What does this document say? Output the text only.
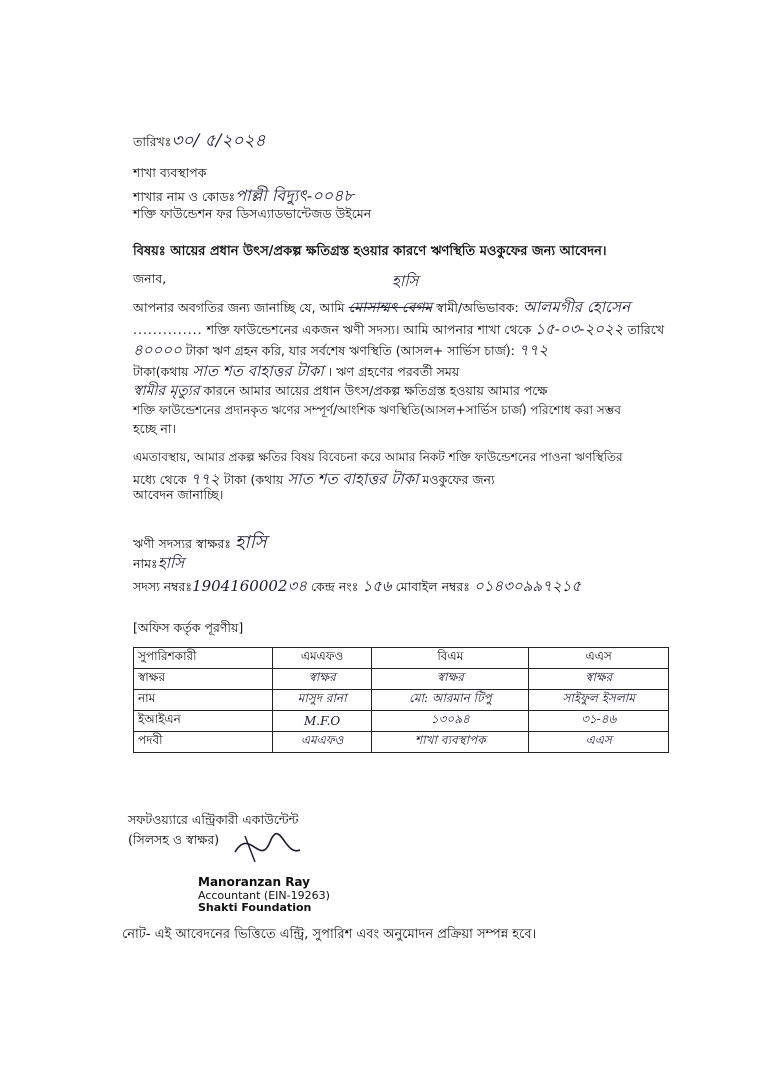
তারিখঃ৩০/ ৫/২০২৪
শাখা ব্যবস্থাপক
শাখার নাম ও কোডঃপাল্লী বিদ্যুৎ-০০৪৮
শক্তি ফাউন্ডেশন ফর ডিসএ্যাডভান্টেজড উইমেন
বিষয়ঃ আয়ের প্রধান উৎস/প্রকল্প ক্ষতিগ্রস্ত হওয়ার কারণে ঋণস্থিতি মওকুফের জন্য আবেদন।
জনাব,	হাসি
আপনার অবগতির জন্য জানাচ্ছি যে, আমি মোসাম্মৎ বেগম স্বামী/অভিভাবক: আলমগীর হোসেন
.............. শক্তি ফাউন্ডেশনের একজন ঋণী সদস্য। আমি আপনার শাখা থেকে ১৫-০৩-২০২২ তারিখে
৪০০০০ টাকা ঋণ গ্রহন করি, যার সর্বশেষ ঋণস্থিতি (আসল+ সার্ভিস চার্জ): ৭৭২
টাকা(কথায় সাত শত বাহাত্তর টাকা । ঋণ গ্রহণের পরবর্তী সময়
স্বামীর মৃত্যুর কারনে আমার আয়ের প্রধান উৎস/প্রকল্প ক্ষতিগ্রস্ত হওয়ায় আমার পক্ষে
শক্তি ফাউন্ডেশনের প্রদানকৃত ঋণের সম্পূর্ণ/আংশিক ঋণস্থিতি(আসল+সার্ভিস চার্জ) পরিশোধ করা সম্ভব
হচ্ছে না।
এমতাবস্থায়, আমার প্রকল্প ক্ষতির বিষয় বিবেচনা করে আমার নিকট শক্তি ফাউন্ডেশনের পাওনা ঋণস্থিতির
মধ্যে থেকে ৭৭২ টাকা (কথায় সাত শত বাহাত্তর টাকা মওকুফের জন্য
আবেদন জানাচ্ছি।
ঋণী সদস্যর স্বাক্ষরঃ হাসি
নামঃহাসি
সদস্য নম্বরঃ1904160002৩৪ কেন্দ্র নংঃ ১৫৬ মোবাইল নম্বরঃ ০১৪৩০৯৯৭২১৫
[অফিস কর্তৃক পূরণীয়]
সুপারিশকারী	এমএফও	বিএম	এএস
স্বাক্ষর	স্বাক্ষর	স্বাক্ষর	স্বাক্ষর
নাম	মাসুদ রানা	মো: আরমান টিপু	সাইফুল ইসলাম
ইআইএন	M.F.O	১৩০৯৪	৩১-৪৬
পদবী	এমএফও	শাখা ব্যবস্থাপক	এএস
সফটওয়্যারে এন্ট্রিকারী একাউন্টেন্ট
(সিলসহ ও স্বাক্ষর)
Manoranzan Ray
Accountant (EIN-19263)
Shakti Foundation
নোট- এই আবেদনের ভিত্তিতে এন্ট্রি, সুপারিশ এবং অনুমোদন প্রক্রিয়া সম্পন্ন হবে।
